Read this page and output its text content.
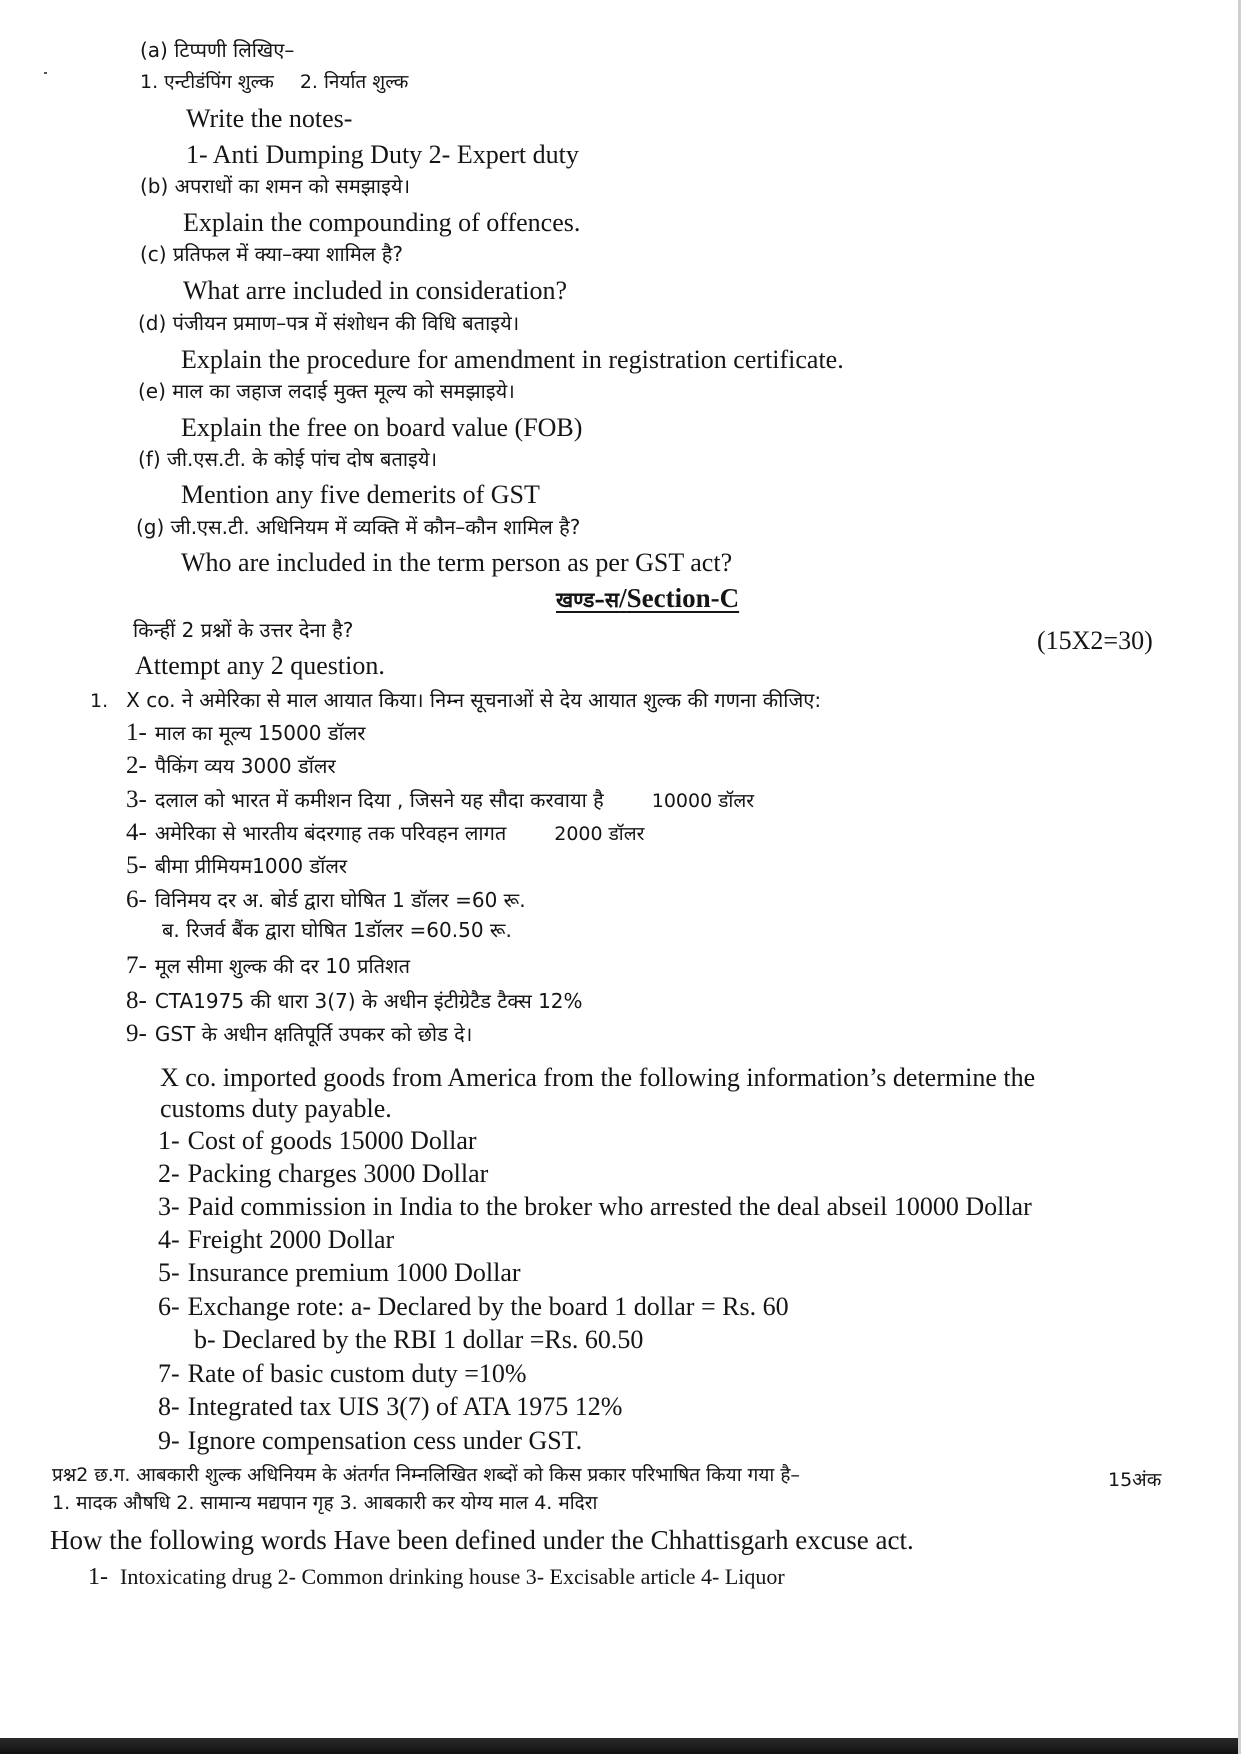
(a) टिप्पणी लिखिए–
1. एन्टीडंपिंग शुल्क 2. निर्यात शुल्क
Write the notes-
1- Anti Dumping Duty 2- Expert duty
(b) अपराधों का शमन को समझाइये।
Explain the compounding of offences.
(c) प्रतिफल में क्या–क्या शामिल है?
What arre included in consideration?
(d) पंजीयन प्रमाण–पत्र में संशोधन की विधि बताइये।
Explain the procedure for amendment in registration certificate.
(e) माल का जहाज लदाई मुक्त मूल्य को समझाइये।
Explain the free on board value (FOB)
(f) जी.एस.टी. के कोई पांच दोष बताइये।
Mention any five demerits of GST
(g) जी.एस.टी. अधिनियम में व्यक्ति में कौन–कौन शामिल है?
Who are included in the term person as per GST act?
खण्ड–स/Section-C
किन्हीं 2 प्रश्नों के उत्तर देना है?	(15X2=30)
Attempt any 2 question.
1. X co. ने अमेरिका से माल आयात किया। निम्न सूचनाओं से देय आयात शुल्क की गणना कीजिए:
1- माल का मूल्य 15000 डॉलर
2- पैकिंग व्यय 3000 डॉलर
3- दलाल को भारत में कमीशन दिया , जिसने यह सौदा करवाया है	10000 डॉलर
4- अमेरिका से भारतीय बंदरगाह तक परिवहन लागत	2000 डॉलर
5- बीमा प्रीमियम1000 डॉलर
6- विनिमय दर अ. बोर्ड द्वारा घोषित 1 डॉलर =60 रू.
ब. रिजर्व बैंक द्वारा घोषित 1डॉलर =60.50 रू.
7- मूल सीमा शुल्क की दर 10 प्रतिशत
8- CTA1975 की धारा 3(7) के अधीन इंटीग्रेटैड टैक्स 12%
9- GST के अधीन क्षतिपूर्ति उपकर को छोड दे।
X co. imported goods from America from the following information’s determine the
customs duty payable.
1- Cost of goods 15000 Dollar
2- Packing charges 3000 Dollar
3- Paid commission in India to the broker who arrested the deal abseil 10000 Dollar
4- Freight 2000 Dollar
5- Insurance premium 1000 Dollar
6- Exchange rote: a- Declared by the board 1 dollar = Rs. 60
b- Declared by the RBI 1 dollar =Rs. 60.50
7- Rate of basic custom duty =10%
8- Integrated tax UIS 3(7) of ATA 1975 12%
9- Ignore compensation cess under GST.
प्रश्न2 छ.ग. आबकारी शुल्क अधिनियम के अंतर्गत निम्नलिखित शब्दों को किस प्रकार परिभाषित किया गया है–	15अंक
1. मादक औषधि 2. सामान्य मद्यपान गृह 3. आबकारी कर योग्य माल 4. मदिरा
How the following words Have been defined under the Chhattisgarh excuse act.
1- Intoxicating drug 2- Common drinking house 3- Excisable article 4- Liquor
